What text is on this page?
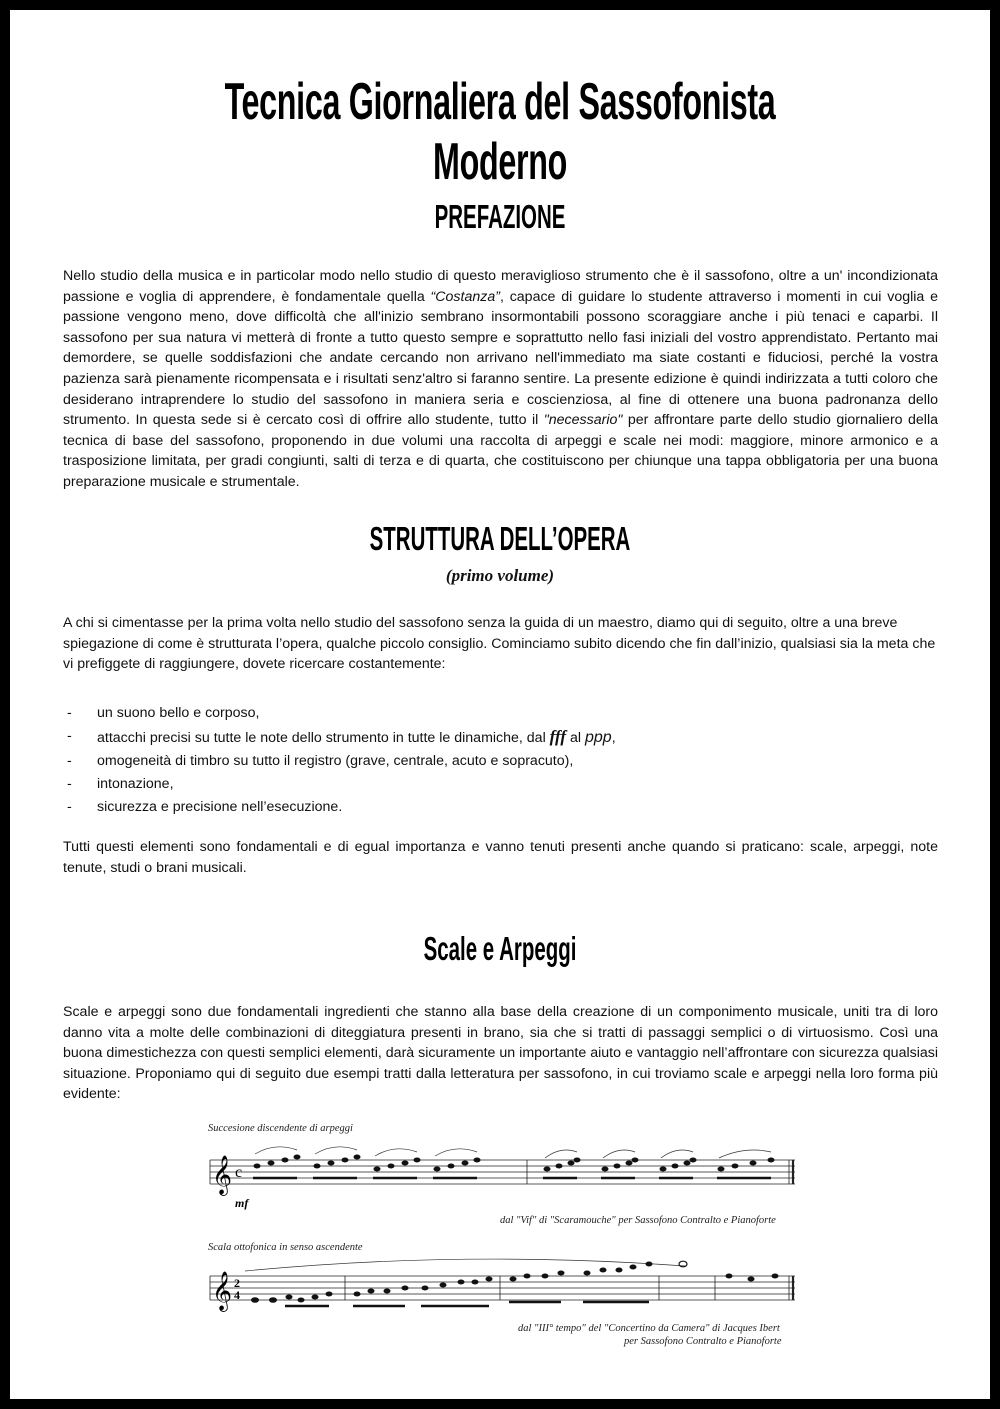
Tecnica Giornaliera del Sassofonista Moderno
PREFAZIONE

Nello studio della musica e in particolar modo nello studio di questo meraviglioso strumento che è il sassofono, oltre a un' incondizionata passione e voglia di apprendere, è fondamentale quella “Costanza”, capace di guidare lo studente attraverso i momenti in cui voglia e passione vengono meno, dove difficoltà che all'inizio sembrano insormontabili possono scoraggiare anche i più tenaci e caparbi. Il sassofono per sua natura vi metterà di fronte a tutto questo sempre e soprattutto nello fasi iniziali del vostro apprendistato. Pertanto mai demordere, se quelle soddisfazioni che andate cercando non arrivano nell'immediato ma siate costanti e fiduciosi, perché la vostra pazienza sarà pienamente ricompensata e i risultati senz'altro si faranno sentire. La presente edizione è quindi indirizzata a tutti coloro che desiderano intraprendere lo studio del sassofono in maniera seria e coscienziosa, al fine di ottenere una buona padronanza dello strumento. In questa sede si è cercato così di offrire allo studente, tutto il "necessario" per affrontare parte dello studio giornaliero della tecnica di base del sassofono, proponendo in due volumi una raccolta di arpeggi e scale nei modi: maggiore, minore armonico e a trasposizione limitata, per gradi congiunti, salti di terza e di quarta, che costituiscono per chiunque una tappa obbligatoria per una buona preparazione musicale e strumentale.

STRUTTURA DELL’OPERA
(primo volume)

A chi si cimentasse per la prima volta nello studio del sassofono senza la guida di un maestro, diamo qui di seguito, oltre a una breve spiegazione di come è strutturata l’opera, qualche piccolo consiglio. Cominciamo subito dicendo che fin dall’inizio, qualsiasi sia la meta che vi prefiggete di raggiungere, dovete ricercare costantemente:

- un suono bello e corposo,
- attacchi precisi su tutte le note dello strumento in tutte le dinamiche, dal fff al ppp,
- omogeneità di timbro su tutto il registro (grave, centrale, acuto e sopracuto),
- intonazione,
- sicurezza e precisione nell’esecuzione.

Tutti questi elementi sono fondamentali e di egual importanza e vanno tenuti presenti anche quando si praticano: scale, arpeggi, note tenute, studi o brani musicali.

Scale e Arpeggi

Scale e arpeggi sono due fondamentali ingredienti che stanno alla base della creazione di un componimento musicale, uniti tra di loro danno vita a molte delle combinazioni di diteggiatura presenti in brano, sia che si tratti di passaggi semplici o di virtuosismo. Così una buona dimestichezza con questi semplici elementi, darà sicuramente un importante aiuto e vantaggio nell’affrontare con sicurezza qualsiasi situazione. Proponiamo qui di seguito due esempi tratti dalla letteratura per sassofono, in cui troviamo scale e arpeggi nella loro forma più evidente:

Succesione discendente di arpeggi
𝄞 c
mf
dal "Vif" di "Scaramouche" per Sassofono Contralto e Pianoforte
Scala ottofonica in senso ascendente
𝄞 2
4
dal "III° tempo" del "Concertino da Camera" di Jacques Ibert
per Sassofono Contralto e Pianoforte
